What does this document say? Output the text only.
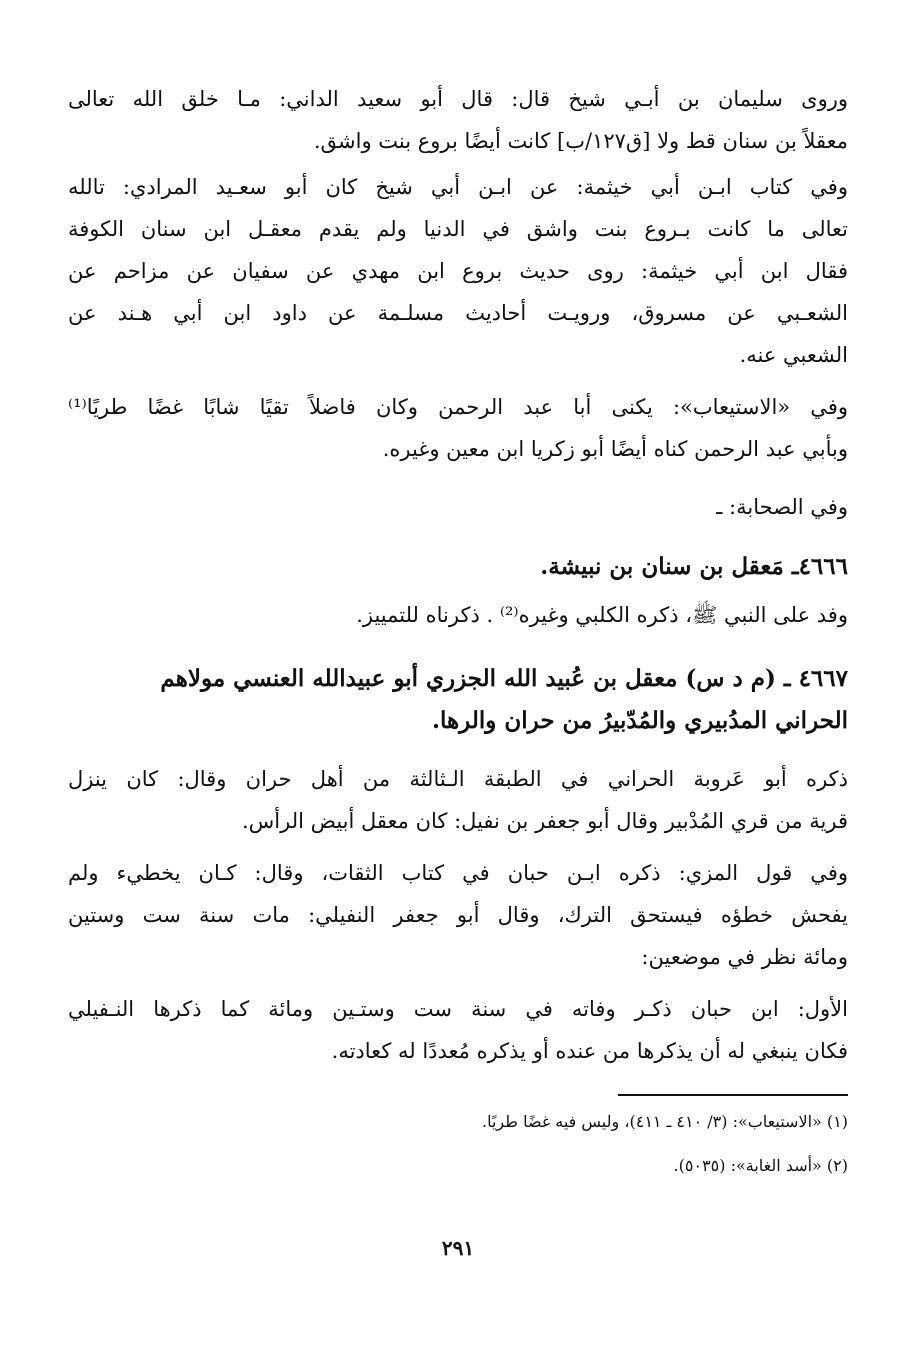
وروى سليمان بن أبـي شيخ قال: قال أبو سعيد الداني: مـا خلق الله تعالى
معقلاً بن سنان قط ولا [ق١٢٧/ب] كانت أيضًا بروع بنت واشق.
وفي كتاب ابـن أبي خيثمة: عن ابـن أبي شيخ كان أبو سعـيد المرادي: تالله
تعالى ما كانت بـروع بنت واشق في الدنيا ولم يقدم معقـل ابن سنان الكوفة
فقال ابن أبي خيثمة: روى حديث بروع ابن مهدي عن سفيان عن مزاحم عن
الشعـبي عن مسروق، ورويـت أحاديث مسلـمة عن داود ابن أبي هـند عن
الشعبي عنه.
وفي «الاستيعاب»: يكنى أبا عبد الرحمن وكان فاضلاً تقيًا شابًا غضًا طريًا⁽¹⁾
وبأبي عبد الرحمن كناه أيضًا أبو زكريا ابن معين وغيره.
وفي الصحابة: ـ
٤٦٦٦ـ مَعقل بن سنان بن نبيشة.
وفد على النبي ﷺ، ذكره الكلبي وغيره⁽²⁾ . ذكرناه للتمييز.
٤٦٦٧ ـ (م د س) معقل بن عُبيد الله الجزري أبو عبيدالله العنسي مولاهم
الحراني المدُبيري والمُدّبيرُ من حران والرها.
ذكره أبو عَروبة الحراني في الطبقة الـثالثة من أهل حران وقال: كان ينزل
قرية من قري المُدْبير وقال أبو جعفر بن نفيل: كان معقل أبيض الرأس.
وفي قول المزي: ذكره ابـن حبان في كتاب الثقات، وقال: كـان يخطيء ولم
يفحش خطؤه فيستحق الترك، وقال أبو جعفر النفيلي: مات سنة ست وستين
ومائة نظر في موضعين:
الأول: ابن حبان ذكـر وفاته في سنة ست وستـين ومائة كما ذكرها النـفيلي
فكان ينبغي له أن يذكرها من عنده أو يذكره مُعددًا له كعادته.
(١) «الاستيعاب»: (٣/ ٤١٠ ـ ٤١١)، وليس فيه غضًا طريًا.
(٢) «أسد الغابة»: (٥٠٣٥).
٢٩١
